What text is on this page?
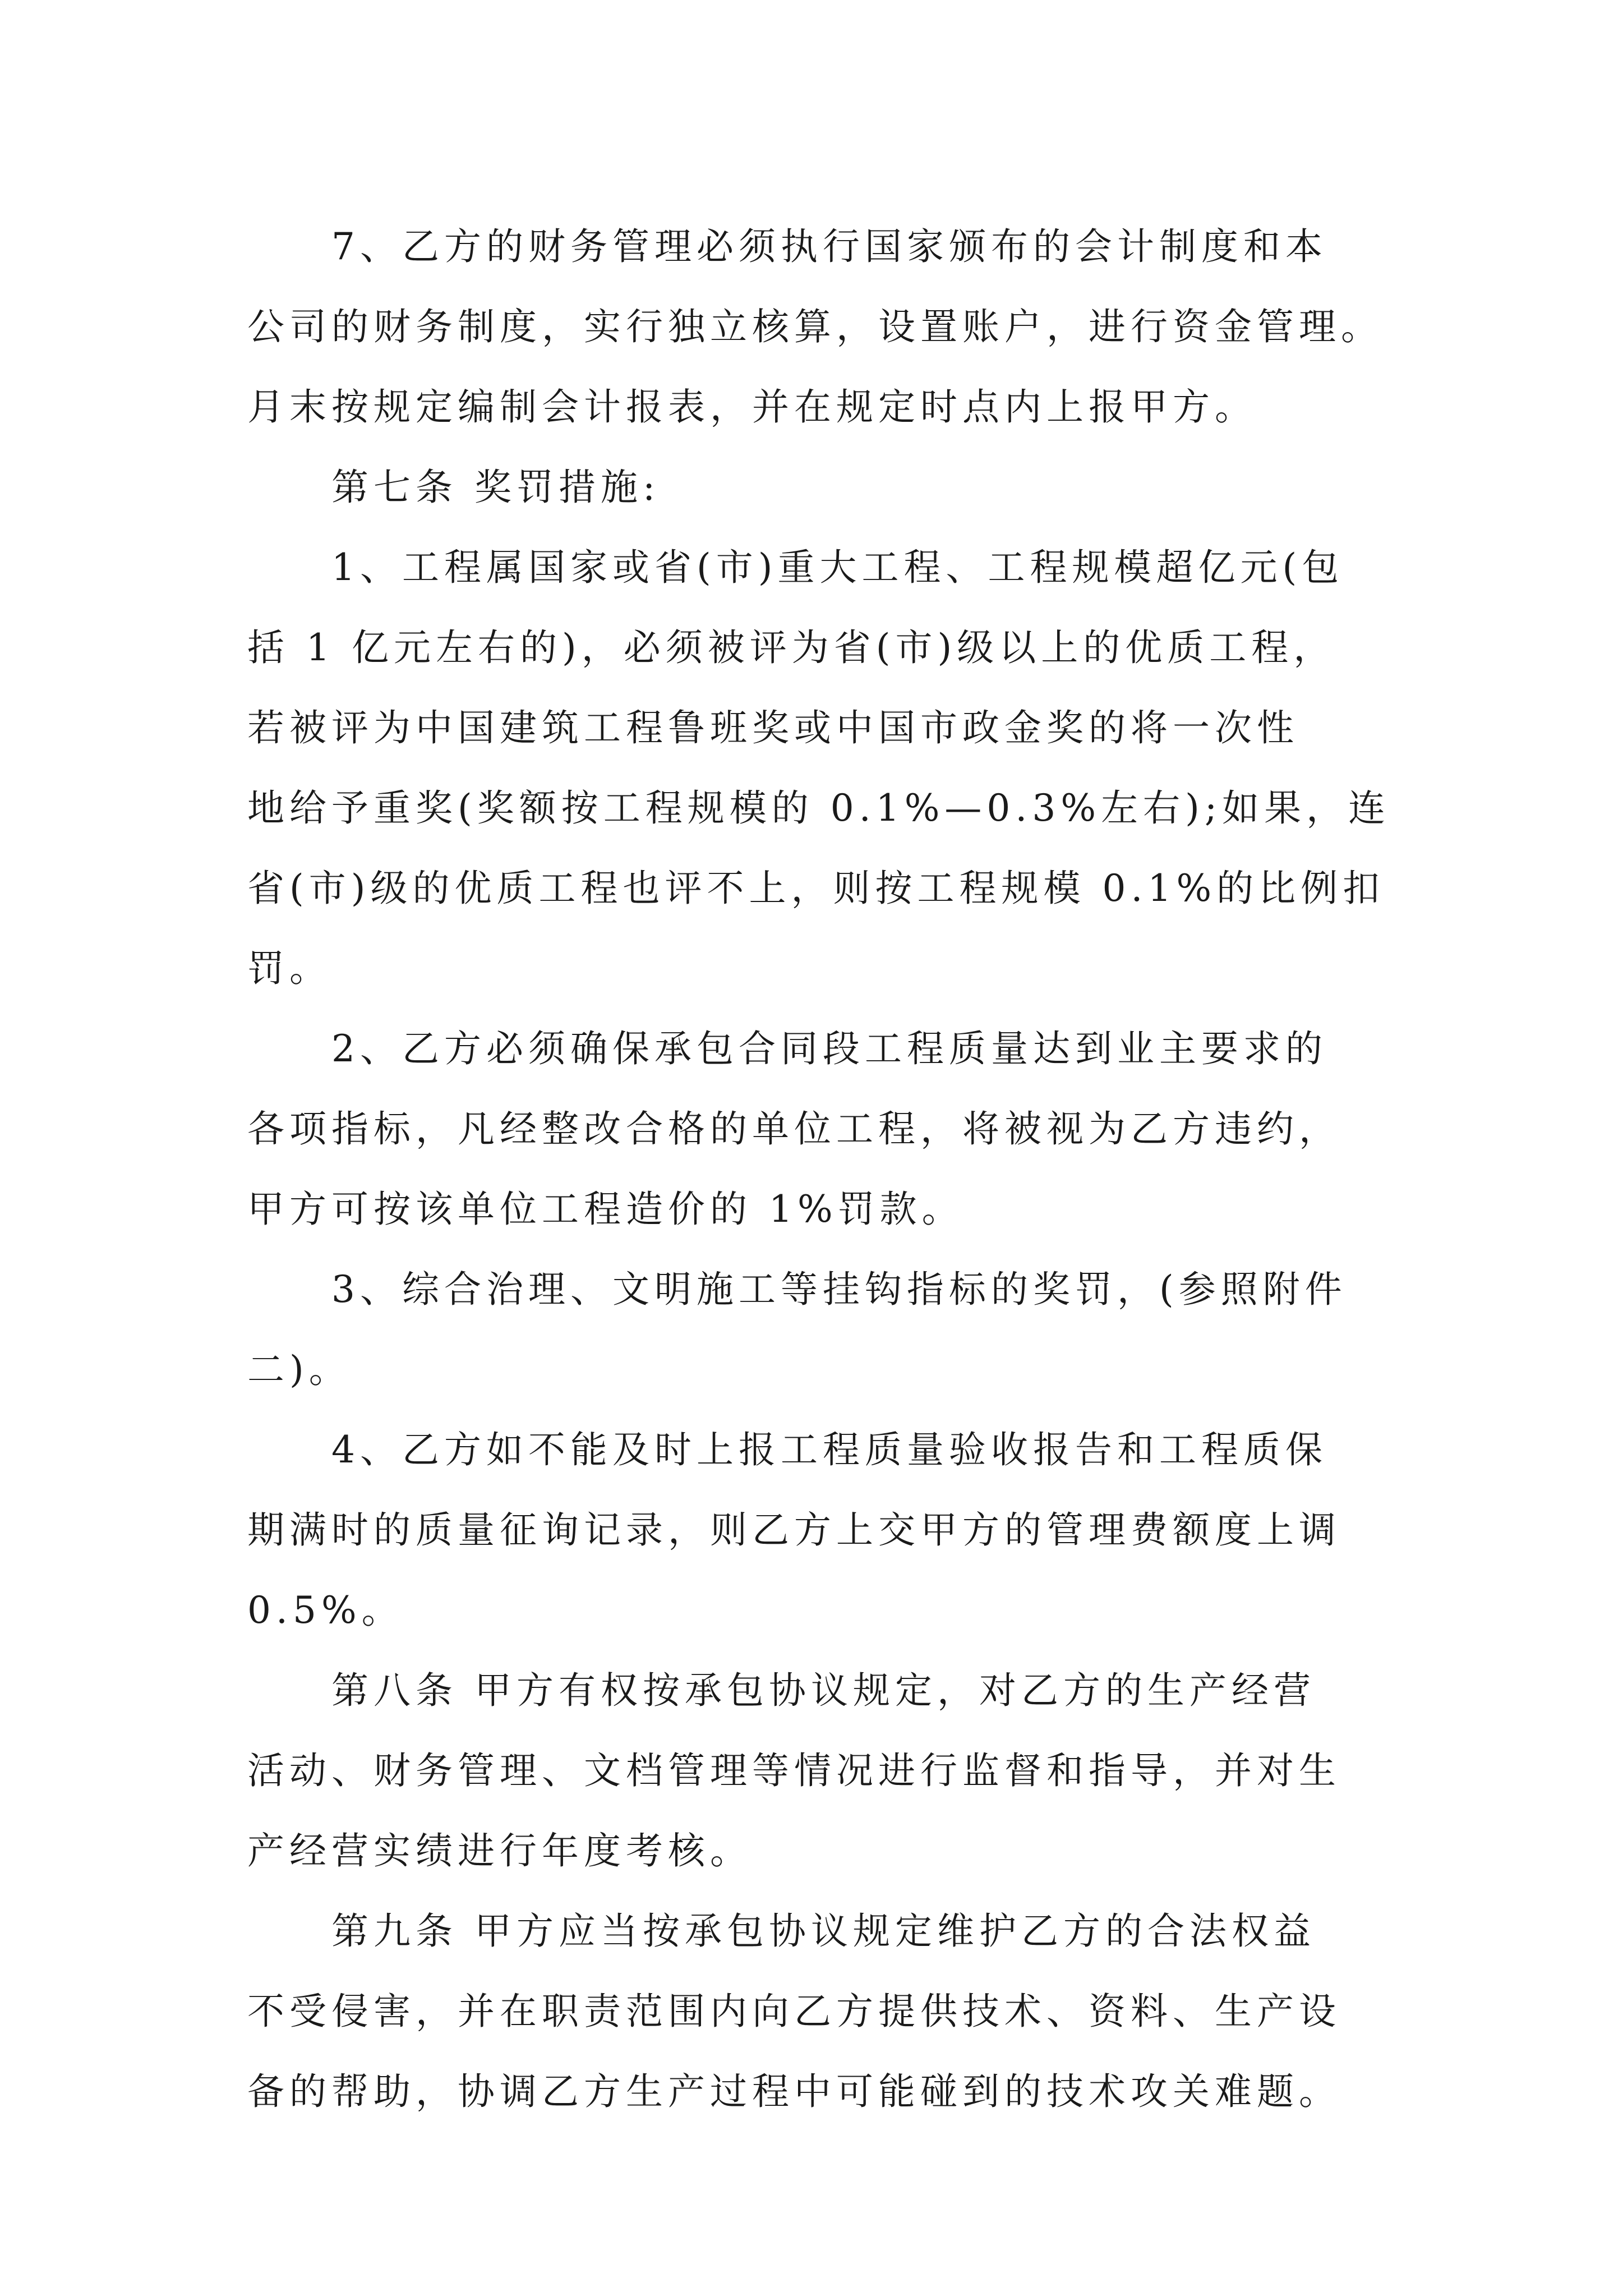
7、乙方的财务管理必须执行国家颁布的会计制度和本
公司的财务制度，实行独立核算，设置账户，进行资金管理。
月末按规定编制会计报表，并在规定时点内上报甲方。
第七条 奖罚措施:
1、工程属国家或省(市)重大工程、工程规模超亿元(包
括 1 亿元左右的)，必须被评为省(市)级以上的优质工程，
若被评为中国建筑工程鲁班奖或中国市政金奖的将一次性
地给予重奖(奖额按工程规模的 0.1%—0.3%左右);如果，连
省(市)级的优质工程也评不上，则按工程规模 0.1%的比例扣
罚。
2、乙方必须确保承包合同段工程质量达到业主要求的
各项指标，凡经整改合格的单位工程，将被视为乙方违约，
甲方可按该单位工程造价的 1%罚款。
3、综合治理、文明施工等挂钩指标的奖罚，(参照附件
二)。
4、乙方如不能及时上报工程质量验收报告和工程质保
期满时的质量征询记录，则乙方上交甲方的管理费额度上调
0.5%。
第八条 甲方有权按承包协议规定，对乙方的生产经营
活动、财务管理、文档管理等情况进行监督和指导，并对生
产经营实绩进行年度考核。
第九条 甲方应当按承包协议规定维护乙方的合法权益
不受侵害，并在职责范围内向乙方提供技术、资料、生产设
备的帮助，协调乙方生产过程中可能碰到的技术攻关难题。
